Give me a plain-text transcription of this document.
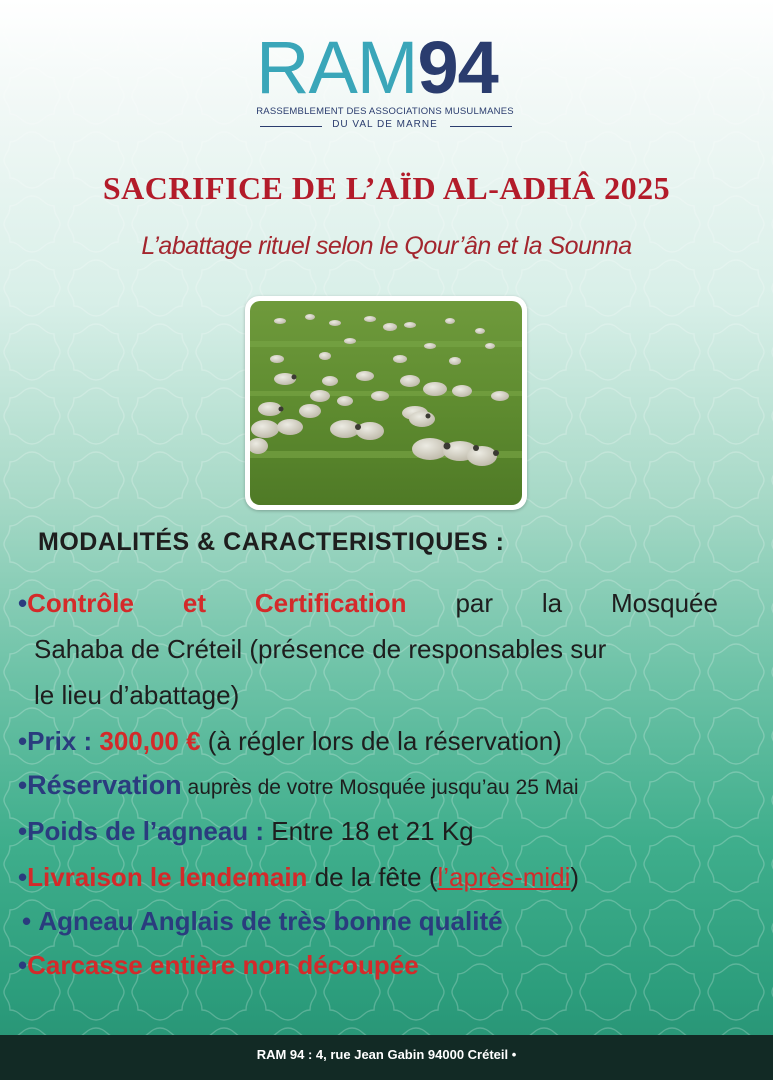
RAM94
RASSEMBLEMENT DES ASSOCIATIONS MUSULMANES
DU VAL DE MARNE
SACRIFICE DE L’AÏD AL-ADHÂ 2025
L’abattage rituel selon le Qour’ân et la Sounna
MODALITÉS & CARACTERISTIQUES :
•Contrôle et Certification par la Mosquée
Sahaba de Créteil (présence de responsables sur
le lieu d’abattage)
•Prix : 300,00 € (à régler lors de la réservation)
•Réservation auprès de votre Mosquée jusqu’au 25 Mai
•Poids de l’agneau : Entre 18 et 21 Kg
•Livraison le lendemain de la fête (l’après-midi)
• Agneau Anglais de très bonne qualité
•Carcasse entière non découpée
RAM 94 : 4, rue Jean Gabin 94000 Créteil •
